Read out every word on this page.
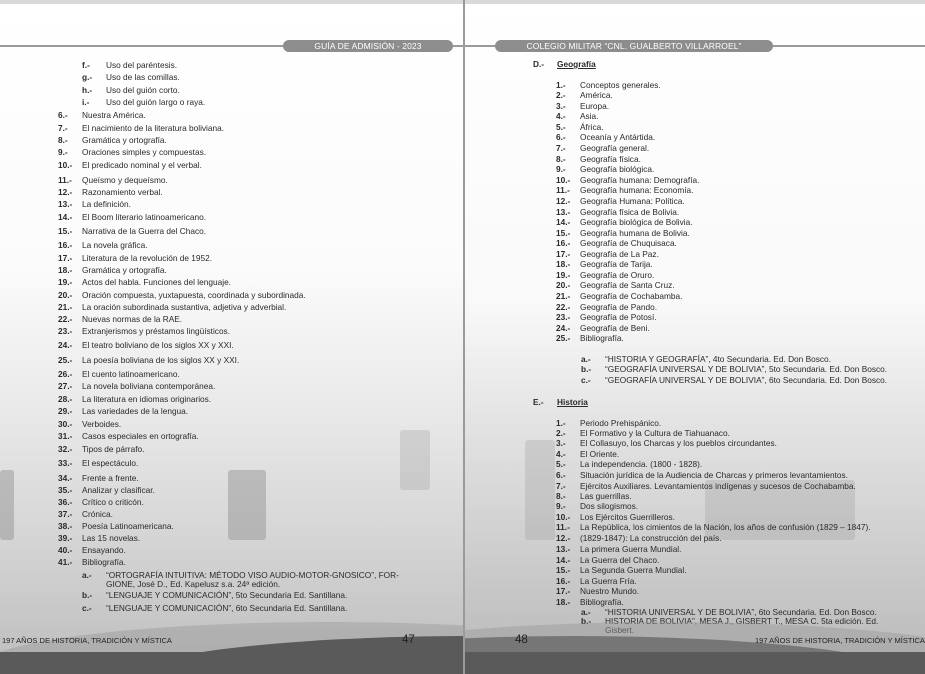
GUÍA DE ADMISIÓN - 2023
f.- Uso del paréntesis.
g.- Uso de las comillas.
h.- Uso del guión corto.
i.- Uso del guión largo o raya.
6.- Nuestra América.
7.- El nacimiento de la literatura boliviana.
8.- Gramática y ortografía.
9.- Oraciones simples y compuestas.
10.- El predicado nominal y el verbal.
11.- Queísmo y dequeísmo.
12.- Razonamiento verbal.
13.- La definición.
14.- El Boom literario latinoamericano.
15.- Narrativa de la Guerra del Chaco.
16.- La novela gráfica.
17.- Literatura de la revolución de 1952.
18.- Gramática y ortografía.
19.- Actos del habla. Funciones del lenguaje.
20.- Oración compuesta, yuxtapuesta, coordinada y subordinada.
21.- La oración subordinada sustantiva, adjetiva y adverbial.
22.- Nuevas normas de la RAE.
23.- Extranjerismos y préstamos lingüísticos.
24.- El teatro boliviano de los siglos XX y XXI.
25.- La poesía boliviana de los siglos XX y XXI.
26.- El cuento latinoamericano.
27.- La novela boliviana contemporánea.
28.- La literatura en idiomas originarios.
29.- Las variedades de la lengua.
30.- Verboides.
31.- Casos especiales en ortografía.
32.- Tipos de párrafo.
33.- El espectáculo.
34.- Frente a frente.
35.- Analizar y clasificar.
36.- Crítico o criticón.
37.- Crónica.
38.- Poesía Latinoamericana.
39.- Las 15 novelas.
40.- Ensayando.
41.- Bibliografía.
a.- “ORTOGRAFÍA INTUITIVA: MÉTODO VISO AUDIO-MOTOR-GNOSICO”, FOR-
GIONE, José D., Ed. Kapelusz s.a. 24ª edición.
b.- “LENGUAJE Y COMUNICACIÓN”, 5to Secundaria Ed. Santillana.
c.- “LENGUAJE Y COMUNICACIÓN”, 6to Secundaria Ed. Santillana.
197 AÑOS DE HISTORIA, TRADICIÓN Y MÍSTICA	47
COLEGIO MILITAR “CNL. GUALBERTO VILLARROEL”
D.- Geografía
E.- Historia
1.- Conceptos generales.
2.- América.
3.- Europa.
4.- Asia.
5.- África.
6.- Oceanía y Antártida.
7.- Geografía general.
8.- Geografía física.
9.- Geografía biológica.
10.- Geografía humana: Demografía.
11.- Geografía humana: Economía.
12.- Geografía Humana: Política.
13.- Geografía física de Bolivia.
14.- Geografía biológica de Bolivia.
15.- Geografía humana de Bolivia.
16.- Geografía de Chuquisaca.
17.- Geografía de La Paz.
18.- Geografía de Tarija.
19.- Geografía de Oruro.
20.- Geografía de Santa Cruz.
21.- Geografía de Cochabamba.
22.- Geografía de Pando.
23.- Geografía de Potosí.
24.- Geografía de Beni.
25.- Bibliografía.
a.- “HISTORIA Y GEOGRAFÍA”, 4to Secundaria. Ed. Don Bosco.
b.- “GEOGRAFÍA UNIVERSAL Y DE BOLIVIA”, 5to Secundaria. Ed. Don Bosco.
c.- “GEOGRAFÍA UNIVERSAL Y DE BOLIVIA”, 6to Secundaria. Ed. Don Bosco.
1.- Periodo Prehispánico.
2.- El Formativo y la Cultura de Tiahuanaco.
3.- El Collasuyo, los Charcas y los pueblos circundantes.
4.- El Oriente.
5.- La independencia. (1800 - 1828).
6.- Situación jurídica de la Audiencia de Charcas y primeros levantamientos.
7.- Ejércitos Auxiliares. Levantamientos indígenas y sucesos de Cochabamba.
8.- Las guerrillas.
9.- Dos silogismos.
10.- Los Ejércitos Guerrilleros.
11.- La República, los cimientos de la Nación, los años de confusión (1829 – 1847).
12.- (1829-1847): La construcción del país.
13.- La primera Guerra Mundial.
14.- La Guerra del Chaco.
15.- La Segunda Guerra Mundial.
16.- La Guerra Fría.
17.- Nuestro Mundo.
18.- Bibliografía.
a.- “HISTORIA UNIVERSAL Y DE BOLIVIA”, 6to Secundaria. Ed. Don Bosco.
b.- HISTORIA DE BOLIVIA”, MESA J., GISBERT T., MESA C. 5ta edición. Ed.
Gisbert.
48	197 AÑOS DE HISTORIA, TRADICIÓN Y MÍSTICA
